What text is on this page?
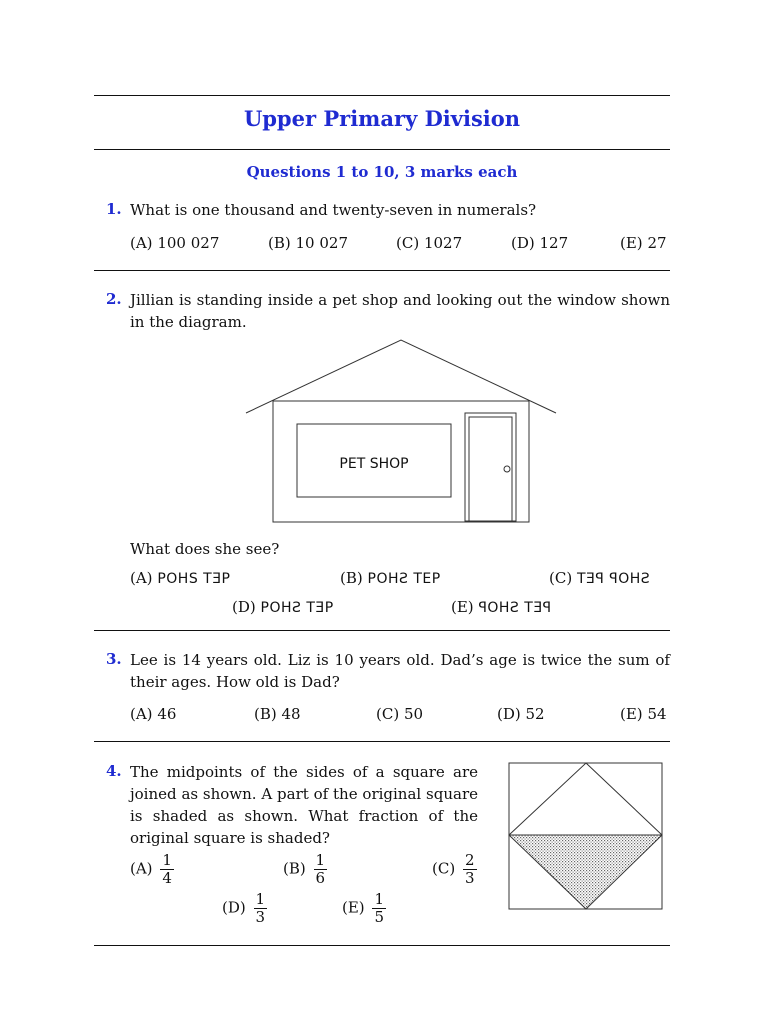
Upper Primary Division
Questions 1 to 10, 3 marks each
1. What is one thousand and twenty-seven in numerals?
(A) 100 027	(B) 10 027	(C) 1027	(D) 127	(E) 27
2. Jillian is standing inside a pet shop and looking out the window shown in the diagram.
PET SHOP
What does she see?
(A) POHS TƎP	(B) POHƧ TEP	(C) TƎꟼ ꟼOHƧ
(D) POHƧ TƎP	(E) ꟼOHƧ TƎꟼ
3. Lee is 14 years old. Liz is 10 years old. Dad’s age is twice the sum of their ages. How old is Dad?
(A) 46	(B) 48	(C) 50	(D) 52	(E) 54
4. The midpoints of the sides of a square are joined as shown. A part of the original square is shaded as shown. What fraction of the original square is shaded?
$(A) \frac{1}{4}$	$(B) \frac{1}{6}$	$(C) \frac{2}{3}$
$(D) \frac{1}{3}$	$(E) \frac{1}{5}$
